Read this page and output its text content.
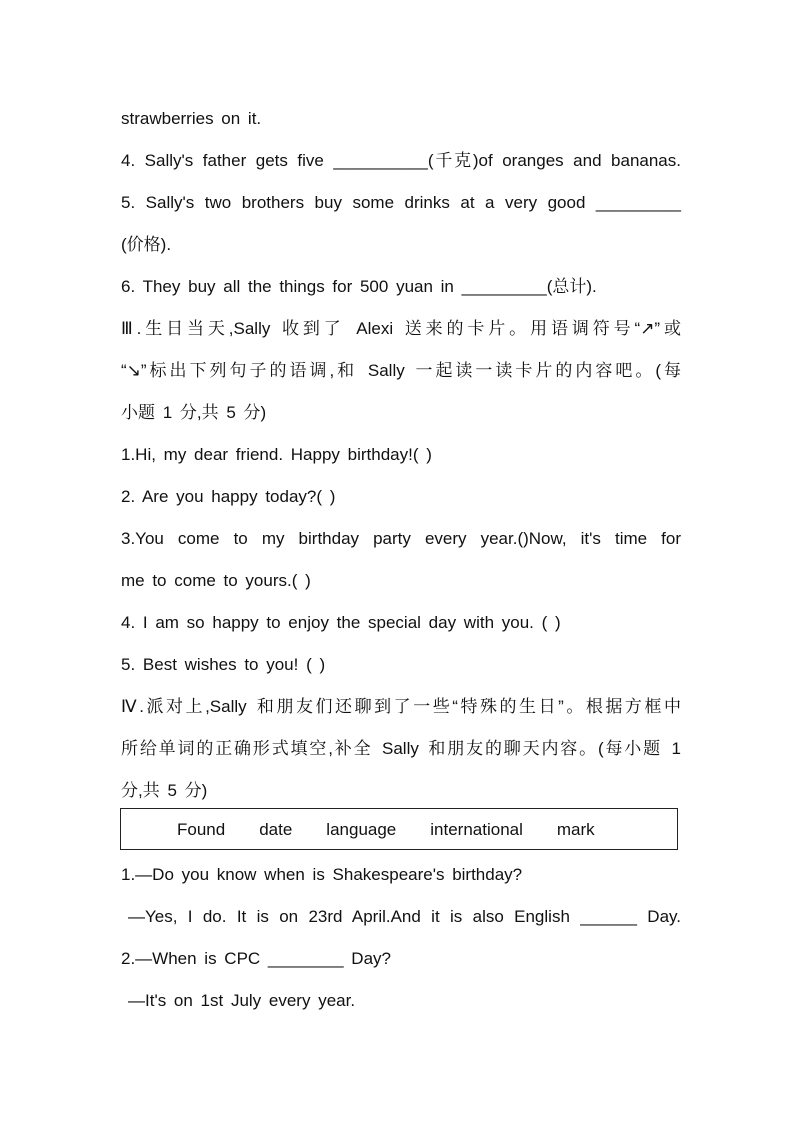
strawberries on it.
4. Sally's father gets five __________(千克)of oranges and bananas.
5. Sally's two brothers buy some drinks at a very good _________
(价格).
6. They buy all the things for 500 yuan in _________(总计).
Ⅲ.生日当天,Sally 收到了 Alexi 送来的卡片。用语调符号“↗”或
“↘”标出下列句子的语调,和 Sally 一起读一读卡片的内容吧。(每
小题 1 分,共 5 分)
1.Hi, my dear friend. Happy birthday!( )
2. Are you happy today?( )
3.You come to my birthday party every year.()Now, it's time for
me to come to yours.( )
4. I am so happy to enjoy the special day with you. ( )
5. Best wishes to you! ( )
Ⅳ.派对上,Sally 和朋友们还聊到了一些“特殊的生日”。根据方框中
所给单词的正确形式填空,补全 Sally 和朋友的聊天内容。(每小题 1
分,共 5 分)
Found date language international mark
1.—Do you know when is Shakespeare's birthday?
—Yes, I do. It is on 23rd April.And it is also English ______ Day.
2.—When is CPC ________ Day?
—It's on 1st July every year.
